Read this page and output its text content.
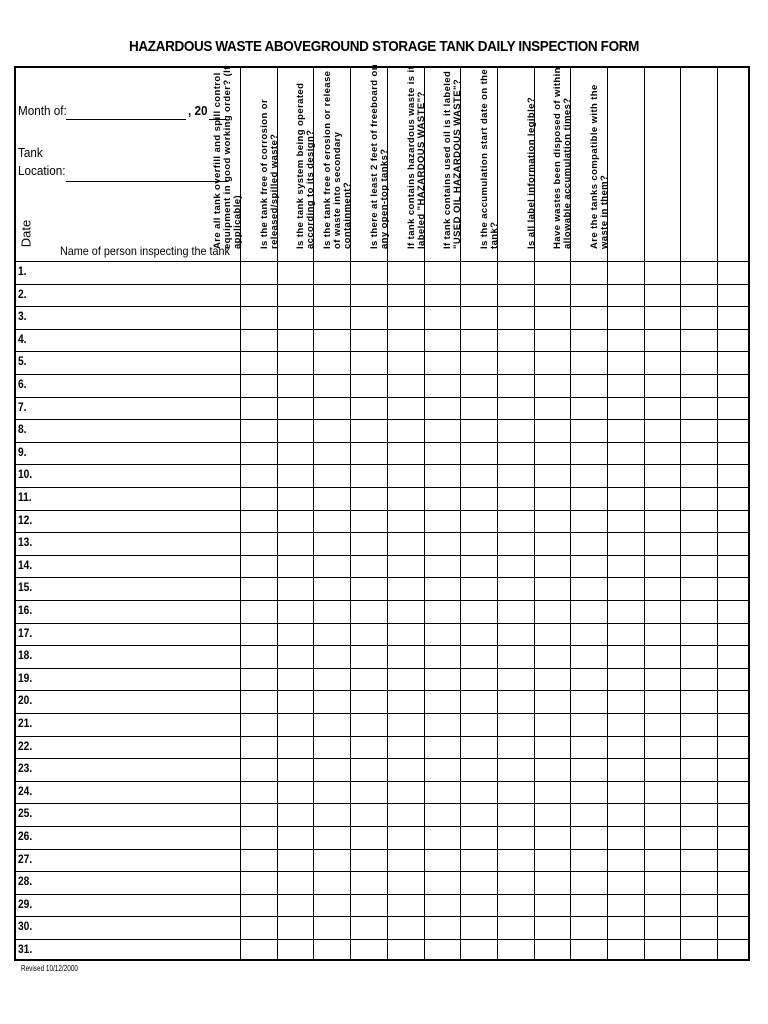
HAZARDOUS WASTE ABOVEGROUND STORAGE TANK DAILY INSPECTION FORM
Month of:	, 20
Tank Location:
Date
Name of person inspecting the tank
Are all tank overfill and spill control equipment in good working order? (If applicable) Is the tank free of corrosion or released/spilled waste? Is the tank system being operated according to its design? Is the tank free of erosion or release of waste into secondary containment? Is there at least 2 feet of freeboard on any open-top tanks? If tank contains hazardous waste is it labeled "HAZARDOUS WASTE"? If tank contains used oil is it labeled "USED OIL HAZARDOUS WASTE"? Is the accumulation start date on the tank?	Is all label information legible? Have wastes been disposed of within allowable accumulation times? Are the tanks compatible with the waste in them?
1.
2.
3.
4.
5.
6.
7.
8.
9.
10.
11.
12.
13.
14.
15.
16.
17.
18.
19.
20.
21.
22.
23.
24.
25.
26.
27.
28.
29.
30.
31.
Revised 10/12/2000
